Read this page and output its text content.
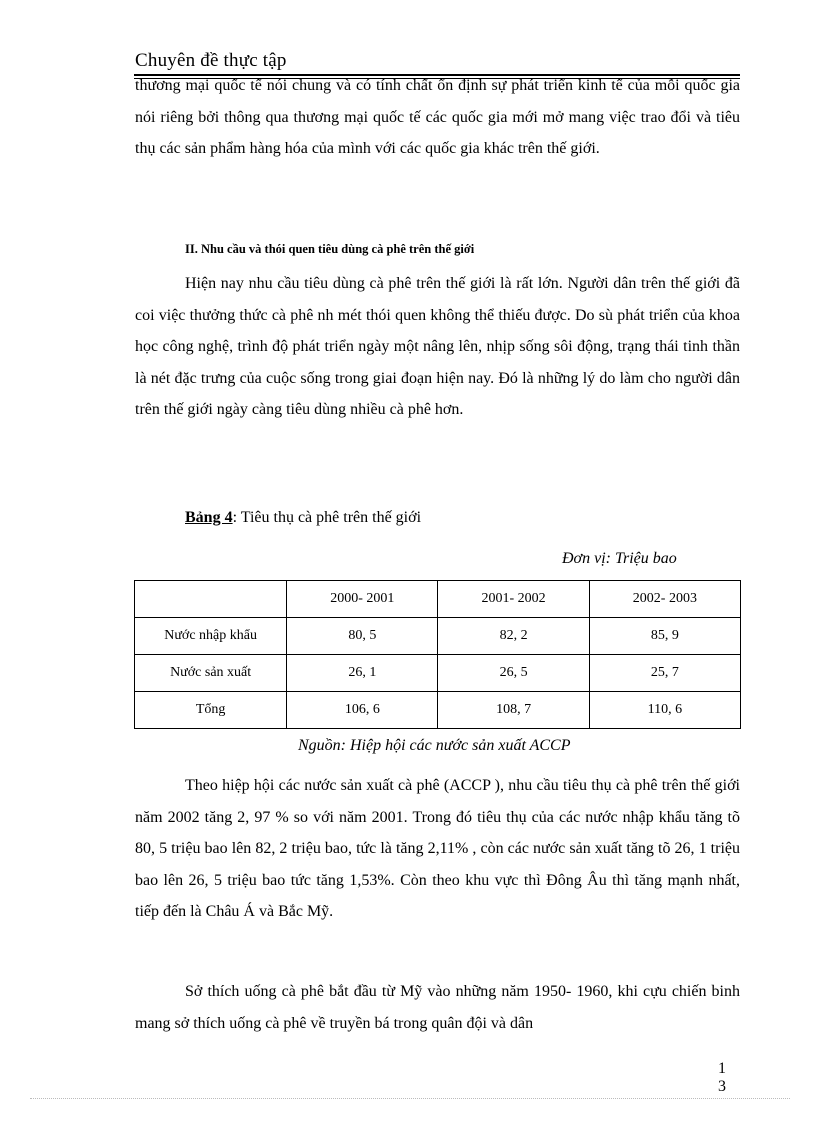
Chuyên đề thực tập

thương mại quốc tế nói chung và có tính chất ổn định sự phát triển kinh tế của mỗi quốc gia nói riêng bởi thông qua thương mại quốc tế các quốc gia mới mở mang việc trao đổi và tiêu thụ các sản phẩm hàng hóa của mình với các quốc gia khác trên thế giới.

II. Nhu cầu và thói quen tiêu dùng cà phê trên thế giới

Hiện nay nhu cầu tiêu dùng cà phê trên thế giới là rất lớn. Người dân trên thế giới đã coi việc thưởng thức cà phê nh mét thói quen không thể thiếu được. Do sù phát triển của khoa học công nghệ, trình độ phát triển ngày một nâng lên, nhịp sống sôi động, trạng thái tinh thần là nét đặc trưng của cuộc sống trong giai đoạn hiện nay. Đó là những lý do làm cho người dân trên thế giới ngày càng tiêu dùng nhiều cà phê hơn.

Bảng 4: Tiêu thụ cà phê trên thế giới

Đơn vị: Triệu bao

	2000- 2001	2001- 2002	2002- 2003
Nước nhập khẩu	80, 5	82, 2	85, 9
Nước sản xuất	26, 1	26, 5	25, 7
Tổng	106, 6	108, 7	110, 6

Nguồn: Hiệp hội các nước sản xuất ACCP

Theo hiệp hội các nước sản xuất cà phê (ACCP ), nhu cầu tiêu thụ cà phê trên thế giới năm 2002 tăng 2, 97 % so với năm 2001. Trong đó tiêu thụ của các nước nhập khẩu tăng tõ 80, 5 triệu bao lên 82, 2 triệu bao, tức là tăng 2,11% , còn các nước sản xuất tăng tõ 26, 1 triệu bao lên 26, 5 triệu bao tức tăng 1,53%. Còn theo khu vực thì Đông Âu thì tăng mạnh nhất, tiếp đến là Châu Á và Bắc Mỹ.

Sở thích uống cà phê bắt đầu từ Mỹ vào những năm 1950- 1960, khi cựu chiến binh mang sở thích uống cà phê về truyền bá trong quân đội và dân

1
3
